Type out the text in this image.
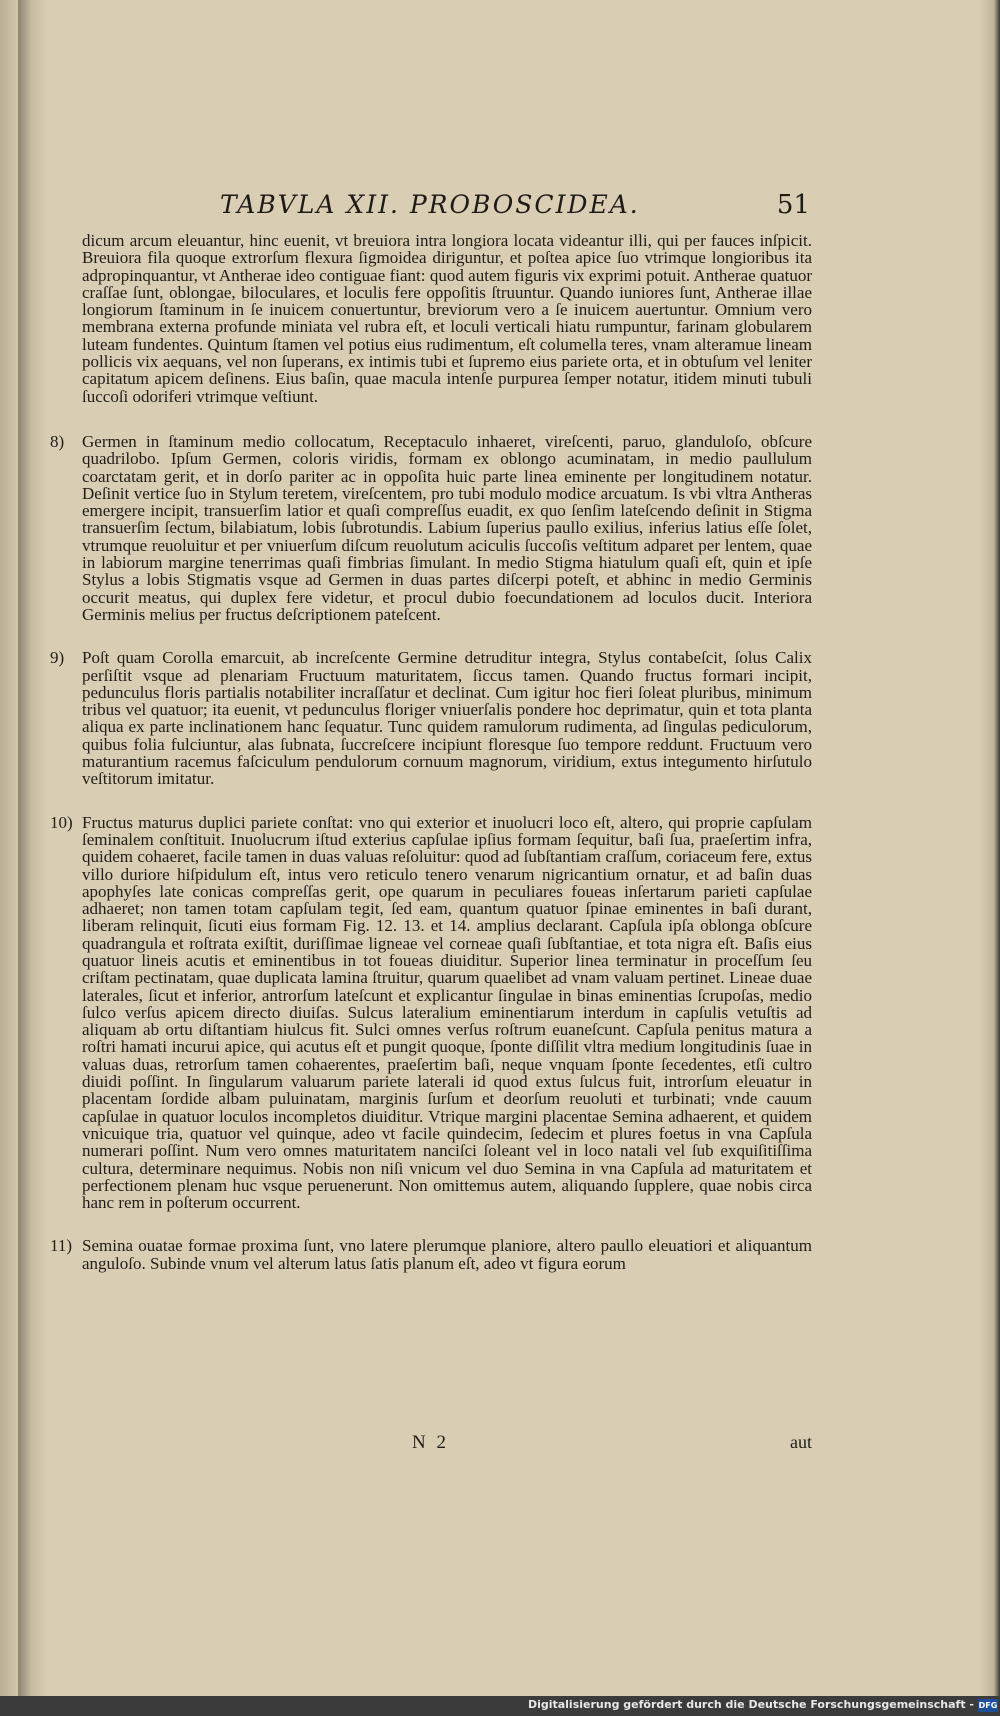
TABVLA XII. PROBOSCIDEA.	51
dicum arcum eleuantur, hinc euenit, vt breuiora intra longiora locata videantur illi, qui per fauces inſpicit. Breuiora fila quoque extrorſum flexura ſigmoidea diriguntur, et poſtea apice ſuo vtrimque longioribus ita adpropinquantur, vt Antherae ideo contiguae fiant: quod autem figuris vix exprimi potuit. Antherae quatuor craſſae ſunt, oblongae, biloculares, et loculis fere oppoſitis ſtruuntur. Quando iuniores ſunt, Antherae illae longiorum ſtaminum in ſe inuicem conuertuntur, breviorum vero a ſe inuicem auertuntur. Omnium vero membrana externa profunde miniata vel rubra eſt, et loculi verticali hiatu rumpuntur, farinam globularem luteam fundentes. Quintum ſtamen vel potius eius rudimentum, eſt columella teres, vnam alteramue lineam pollicis vix aequans, vel non ſuperans, ex intimis tubi et ſupremo eius pariete orta, et in obtuſum vel leniter capitatum apicem deſinens. Eius baſin, quae macula intenſe purpurea ſemper notatur, itidem minuti tubuli ſuccoſi odoriferi vtrimque veſtiunt.
8)	Germen in ſtaminum medio collocatum, Receptaculo inhaeret, vireſcenti, paruo, glanduloſo, obſcure quadrilobo. Ipſum Germen, coloris viridis, formam ex oblongo acuminatam, in medio paullulum coarctatam gerit, et in dorſo pariter ac in oppoſita huic parte linea eminente per longitudinem notatur. Deſinit vertice ſuo in Stylum teretem, vireſcentem, pro tubi modulo modice arcuatum. Is vbi vltra Antheras emergere incipit, transuerſim latior et quaſi compreſſus euadit, ex quo ſenſim lateſcendo deſinit in Stigma transuerſim ſectum, bilabiatum, lobis ſubrotundis. Labium ſuperius paullo exilius, inferius latius eſſe ſolet, vtrumque reuoluitur et per vniuerſum diſcum reuolutum aciculis ſuccoſis veſtitum adparet per lentem, quae in labiorum margine tenerrimas quaſi fimbrias ſimulant. In medio Stigma hiatulum quaſi eſt, quin et ipſe Stylus a lobis Stigmatis vsque ad Germen in duas partes diſcerpi poteſt, et abhinc in medio Germinis occurit meatus, qui duplex fere videtur, et procul dubio foecundationem ad loculos ducit. Interiora Germinis melius per fructus deſcriptionem pateſcent.
9)	Poſt quam Corolla emarcuit, ab increſcente Germine detruditur integra, Stylus contabeſcit, ſolus Calix perſiſtit vsque ad plenariam Fructuum maturitatem, ſiccus tamen. Quando fructus formari incipit, pedunculus floris partialis notabiliter incraſſatur et declinat. Cum igitur hoc fieri ſoleat pluribus, minimum tribus vel quatuor; ita euenit, vt pedunculus floriger vniuerſalis pondere hoc deprimatur, quin et tota planta aliqua ex parte inclinationem hanc ſequatur. Tunc quidem ramulorum rudimenta, ad ſingulas pediculorum, quibus folia fulciuntur, alas ſubnata, ſuccreſcere incipiunt floresque ſuo tempore reddunt. Fructuum vero maturantium racemus faſciculum pendulorum cornuum magnorum, viridium, extus integumento hirſutulo veſtitorum imitatur.
10) Fructus maturus duplici pariete conſtat: vno qui exterior et inuolucri loco eſt, altero, qui proprie capſulam ſeminalem conſtituit. Inuolucrum iſtud exterius capſulae ipſius formam ſequitur, baſi ſua, praeſertim infra, quidem cohaeret, facile tamen in duas valuas reſoluitur: quod ad ſubſtantiam craſſum, coriaceum fere, extus villo duriore hiſpidulum eſt, intus vero reticulo tenero venarum nigricantium ornatur, et ad baſin duas apophyſes late conicas compreſſas gerit, ope quarum in peculiares foueas inſertarum parieti capſulae adhaeret; non tamen totam capſulam tegit, ſed eam, quantum quatuor ſpinae eminentes in baſi durant, liberam relinquit, ſicuti eius formam Fig. 12. 13. et 14. amplius declarant. Capſula ipſa oblonga obſcure quadrangula et roſtrata exiſtit, duriſſimae ligneae vel corneae quaſi ſubſtantiae, et tota nigra eſt. Baſis eius quatuor lineis acutis et eminentibus in tot foueas diuiditur. Superior linea terminatur in proceſſum ſeu criſtam pectinatam, quae duplicata lamina ſtruitur, quarum quaelibet ad vnam valuam pertinet. Lineae duae laterales, ſicut et inferior, antrorſum lateſcunt et explicantur ſingulae in binas eminentias ſcrupoſas, medio ſulco verſus apicem directo diuiſas. Sulcus lateralium eminentiarum interdum in capſulis vetuſtis ad aliquam ab ortu diſtantiam hiulcus fit. Sulci omnes verſus roſtrum euaneſcunt. Capſula penitus matura a roſtri hamati incurui apice, qui acutus eſt et pungit quoque, ſponte diſſilit vltra medium longitudinis ſuae in valuas duas, retrorſum tamen cohaerentes, praeſertim baſi, neque vnquam ſponte ſecedentes, etſi cultro diuidi poſſint. In ſingularum valuarum pariete laterali id quod extus ſulcus fuit, introrſum eleuatur in placentam ſordide albam puluinatam, marginis ſurſum et deorſum reuoluti et turbinati; vnde cauum capſulae in quatuor loculos incompletos diuiditur. Vtrique margini placentae Semina adhaerent, et quidem vnicuique tria, quatuor vel quinque, adeo vt facile quindecim, ſedecim et plures foetus in vna Capſula numerari poſſint. Num vero omnes maturitatem nanciſci ſoleant vel in loco natali vel ſub exquiſitiſſima cultura, determinare nequimus. Nobis non niſi vnicum vel duo Semina in vna Capſula ad maturitatem et perfectionem plenam huc vsque peruenerunt. Non omittemus autem, aliquando ſupplere, quae nobis circa hanc rem in poſterum occurrent.
11) Semina ouatae formae proxima ſunt, vno latere plerumque planiore, altero paullo eleuatiori et aliquantum anguloſo. Subinde vnum vel alterum latus ſatis planum eſt, adeo vt figura eorum
N 2	aut
Digitalisierung gefördert durch die Deutsche Forschungsgemeinschaft - DFG
